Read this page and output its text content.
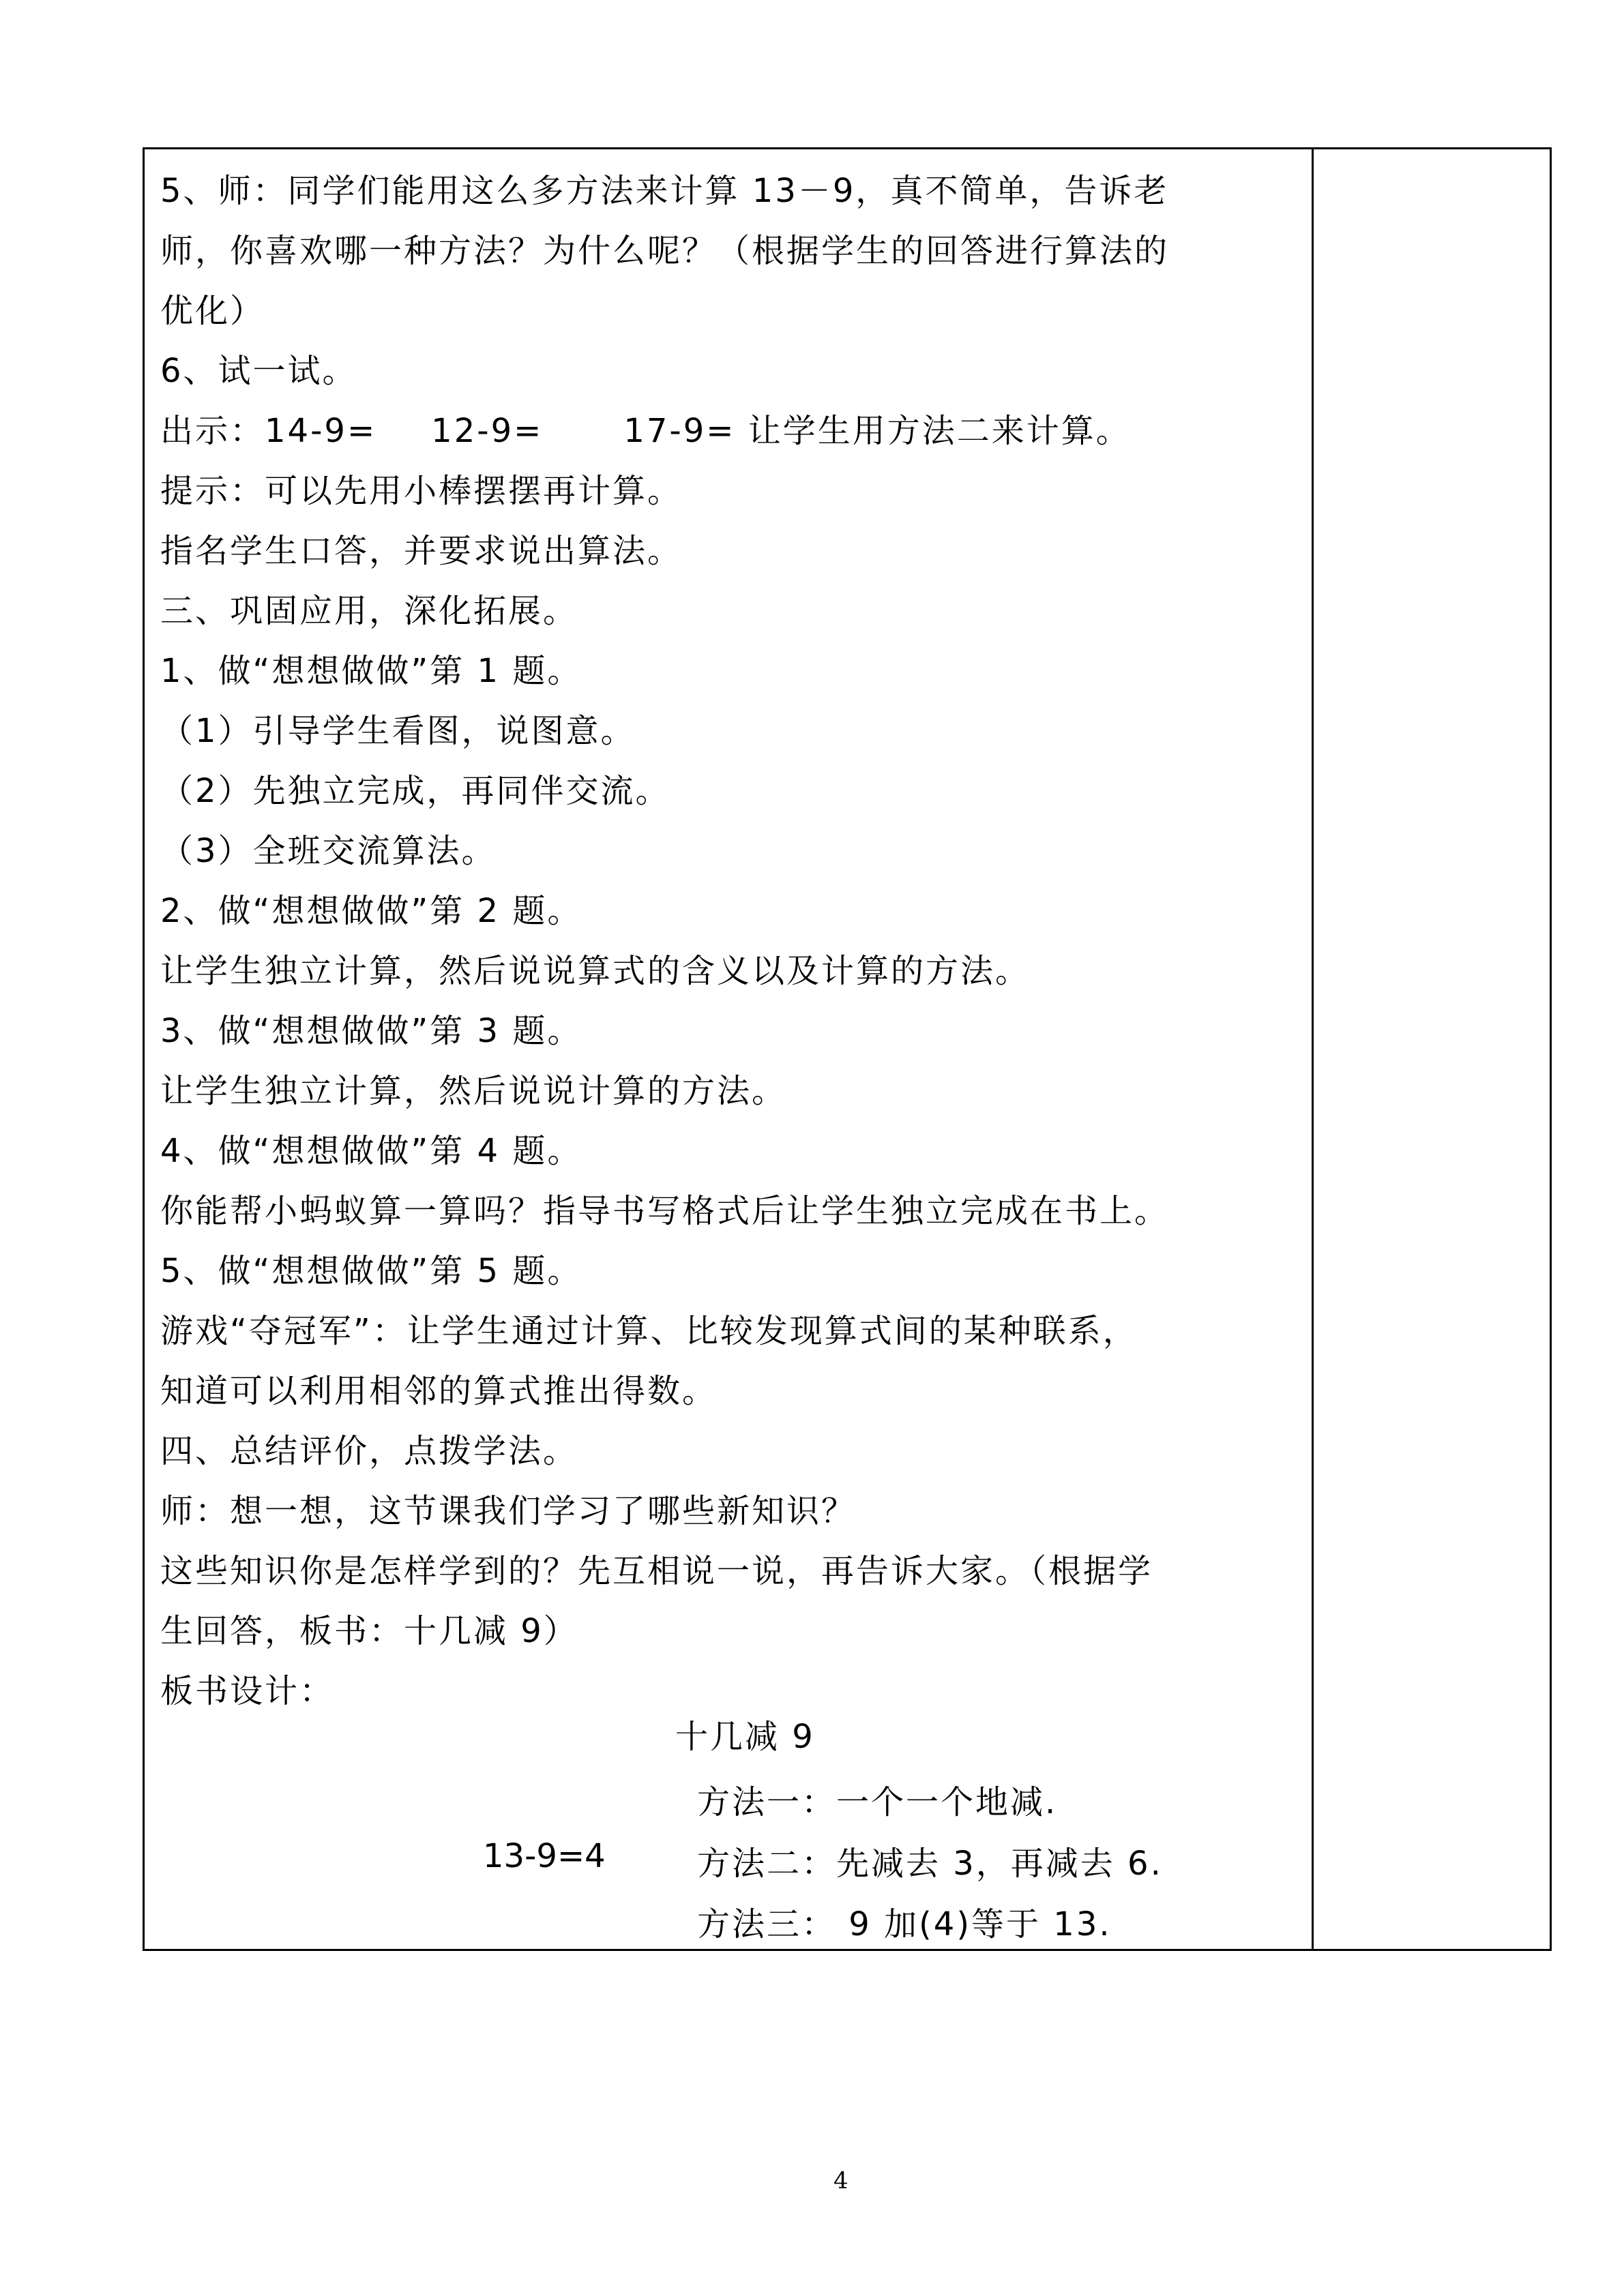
5、师：同学们能用这么多方法来计算 13－9，真不简单，告诉老
师，你喜欢哪一种方法？为什么呢？（根据学生的回答进行算法的
优化）
6、试一试。
出示：14-9= 12-9= 17-9= 让学生用方法二来计算。
提示：可以先用小棒摆摆再计算。
指名学生口答，并要求说出算法。
三、巩固应用，深化拓展。
1、做“想想做做”第 1 题。
（1）引导学生看图，说图意。
（2）先独立完成，再同伴交流。
（3）全班交流算法。
2、做“想想做做”第 2 题。
让学生独立计算，然后说说算式的含义以及计算的方法。
3、做“想想做做”第 3 题。
让学生独立计算，然后说说计算的方法。
4、做“想想做做”第 4 题。
你能帮小蚂蚁算一算吗？指导书写格式后让学生独立完成在书上。
5、做“想想做做”第 5 题。
游戏“夺冠军”：让学生通过计算、比较发现算式间的某种联系，
知道可以利用相邻的算式推出得数。
四、总结评价，点拨学法。
师：想一想，这节课我们学习了哪些新知识？
这些知识你是怎样学到的？先互相说一说，再告诉大家。（根据学
生回答，板书：十几减 9）
板书设计：
十几减 9
方法一：一个一个地减.
13-9=4	方法二：先减去 3，再减去 6.
方法三： 9 加(4)等于 13.
4
